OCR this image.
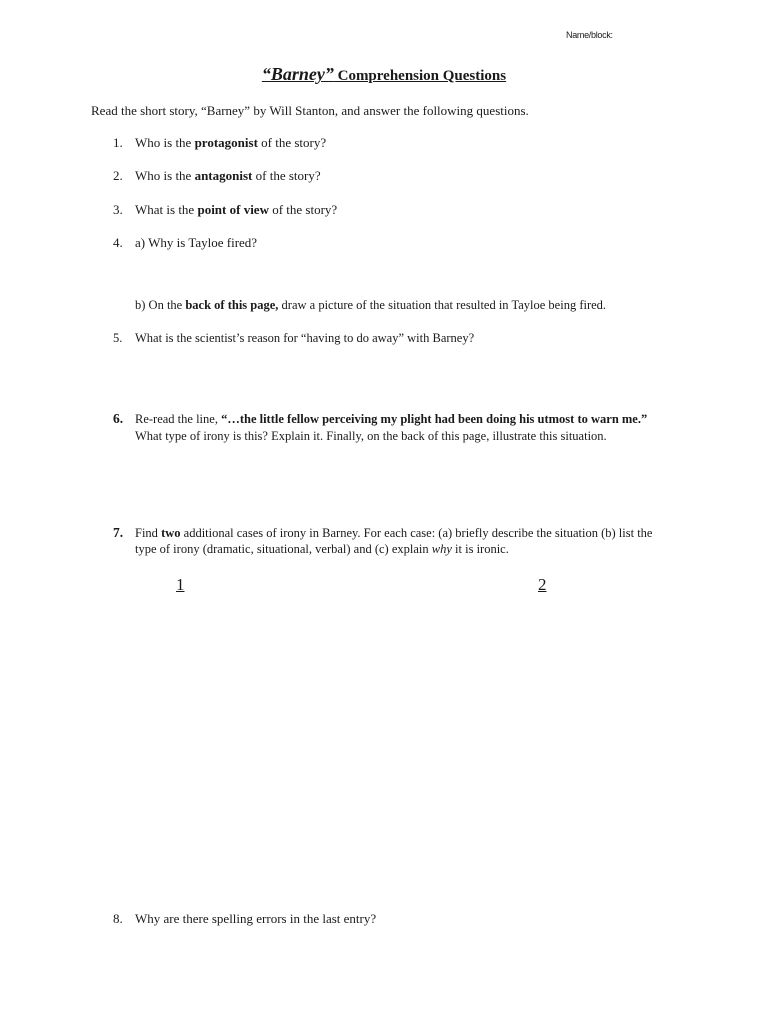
Name/block:
“Barney” Comprehension Questions
Read the short story, “Barney” by Will Stanton, and answer the following questions.
1. Who is the protagonist of the story?
2. Who is the antagonist of the story?
3. What is the point of view of the story?
4. a) Why is Tayloe fired?
b) On the back of this page, draw a picture of the situation that resulted in Tayloe being fired.
5. What is the scientist’s reason for “having to do away” with Barney?
6. Re-read the line, “…the little fellow perceiving my plight had been doing his utmost to warn me.”
What type of irony is this? Explain it. Finally, on the back of this page, illustrate this situation.
7. Find two additional cases of irony in Barney. For each case: (a) briefly describe the situation (b) list the
type of irony (dramatic, situational, verbal) and (c) explain why it is ironic.
1	2
8. Why are there spelling errors in the last entry?
